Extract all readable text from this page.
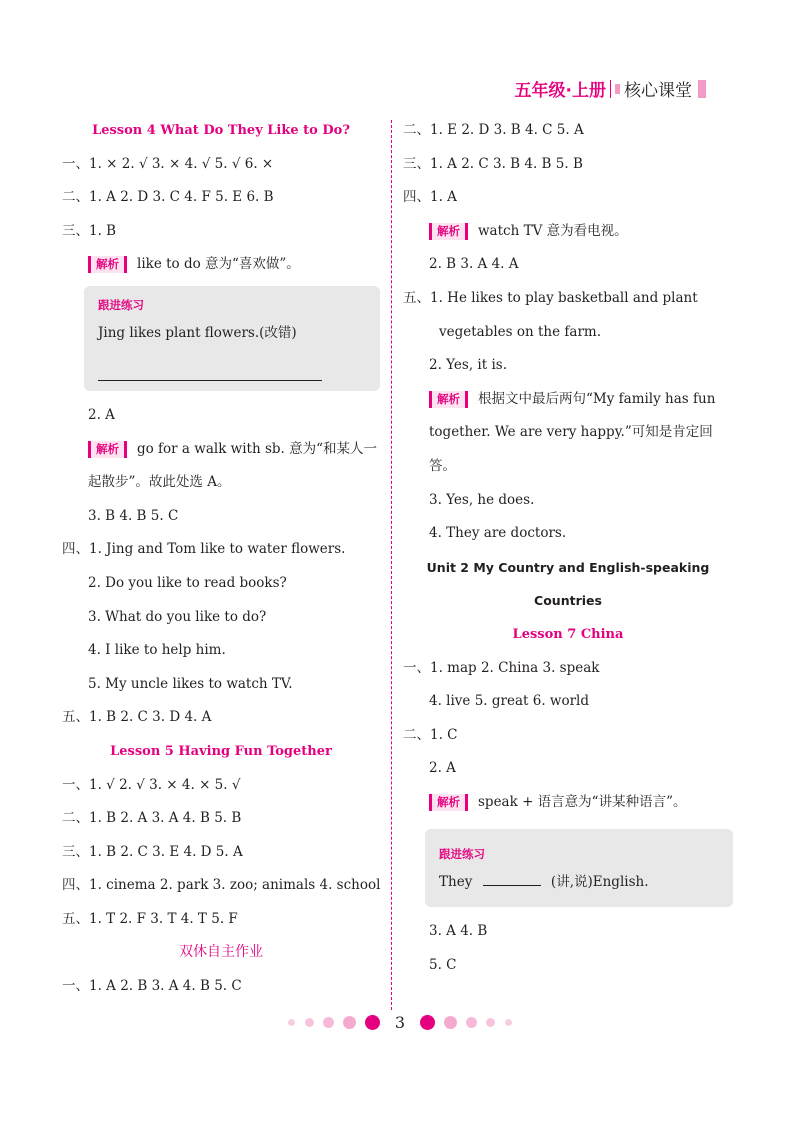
五年级·上册 核心课堂
Lesson 4 What Do They Like to Do?
一、1. × 2. √ 3. × 4. √ 5. √ 6. ×
二、1. A 2. D 3. C 4. F 5. E 6. B
三、1. B
解析 like to do 意为“喜欢做”。
跟进练习
Jing likes plant flowers.(改错)
2. A
解析 go for a walk with sb. 意为“和某人一起散步”。故此处选 A。
3. B 4. B 5. C
四、1. Jing and Tom like to water flowers.
2. Do you like to read books?
3. What do you like to do?
4. I like to help him.
5. My uncle likes to watch TV.
五、1. B 2. C 3. D 4. A
Lesson 5 Having Fun Together
一、1. √ 2. √ 3. × 4. × 5. √
二、1. B 2. A 3. A 4. B 5. B
三、1. B 2. C 3. E 4. D 5. A
四、1. cinema 2. park 3. zoo; animals 4. school
五、1. T 2. F 3. T 4. T 5. F
双休自主作业
一、1. A 2. B 3. A 4. B 5. C
二、1. E 2. D 3. B 4. C 5. A
三、1. A 2. C 3. B 4. B 5. B
四、1. A
解析 watch TV 意为看电视。
2. B 3. A 4. A
五、1. He likes to play basketball and plant
vegetables on the farm.
2. Yes, it is.
解析 根据文中最后两句“My family has fun together. We are very happy.”可知是肯定回答。
3. Yes, he does.
4. They are doctors.
Unit 2 My Country and English-speaking
Countries
Lesson 7 China
一、1. map 2. China 3. speak
4. live 5. great 6. world
二、1. C
2. A
解析 speak + 语言意为“讲某种语言”。
跟进练习
They	(讲,说)English.
3. A 4. B
5. C
3
